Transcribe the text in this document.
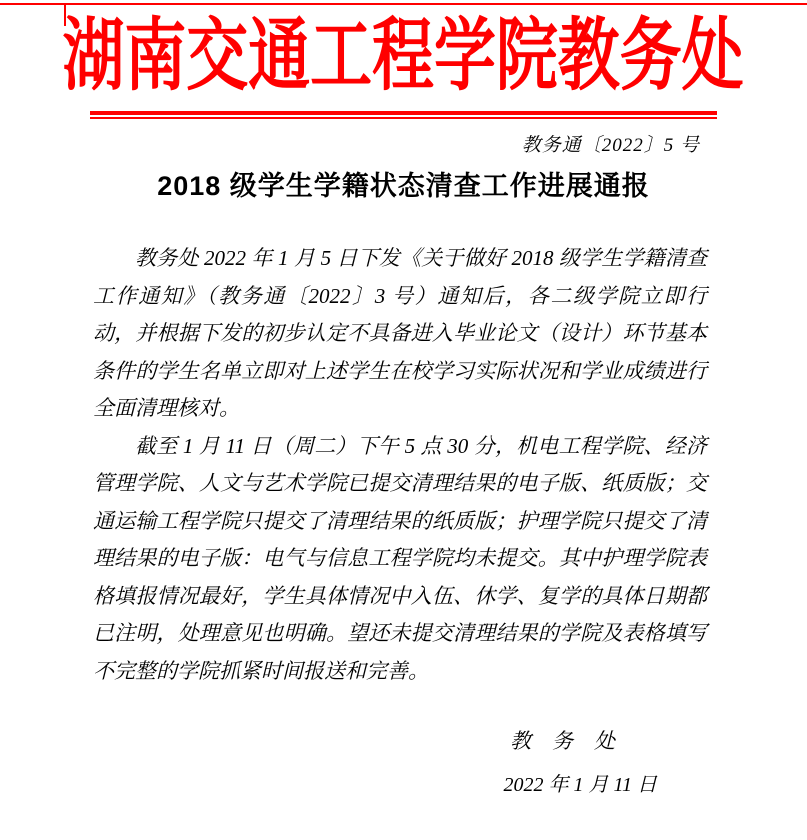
湖南交通工程学院教务处
教务通〔2022〕5 号
2018 级学生学籍状态清查工作进展通报

教务处 2022 年 1 月 5 日下发《关于做好 2018 级学生学籍清查工作通知》（教务通〔2022〕3 号）通知后，各二级学院立即行动，并根据下发的初步认定不具备进入毕业论文（设计）环节基本条件的学生名单立即对上述学生在校学习实际状况和学业成绩进行全面清理核对。

截至 1 月 11 日（周二）下午 5 点 30 分，机电工程学院、经济管理学院、人文与艺术学院已提交清理结果的电子版、纸质版；交通运输工程学院只提交了清理结果的纸质版；护理学院只提交了清理结果的电子版：电气与信息工程学院均未提交。其中护理学院表格填报情况最好，学生具体情况中入伍、休学、复学的具体日期都已注明，处理意见也明确。望还未提交清理结果的学院及表格填写不完整的学院抓紧时间报送和完善。

教　务　处
2022 年 1 月 11 日
